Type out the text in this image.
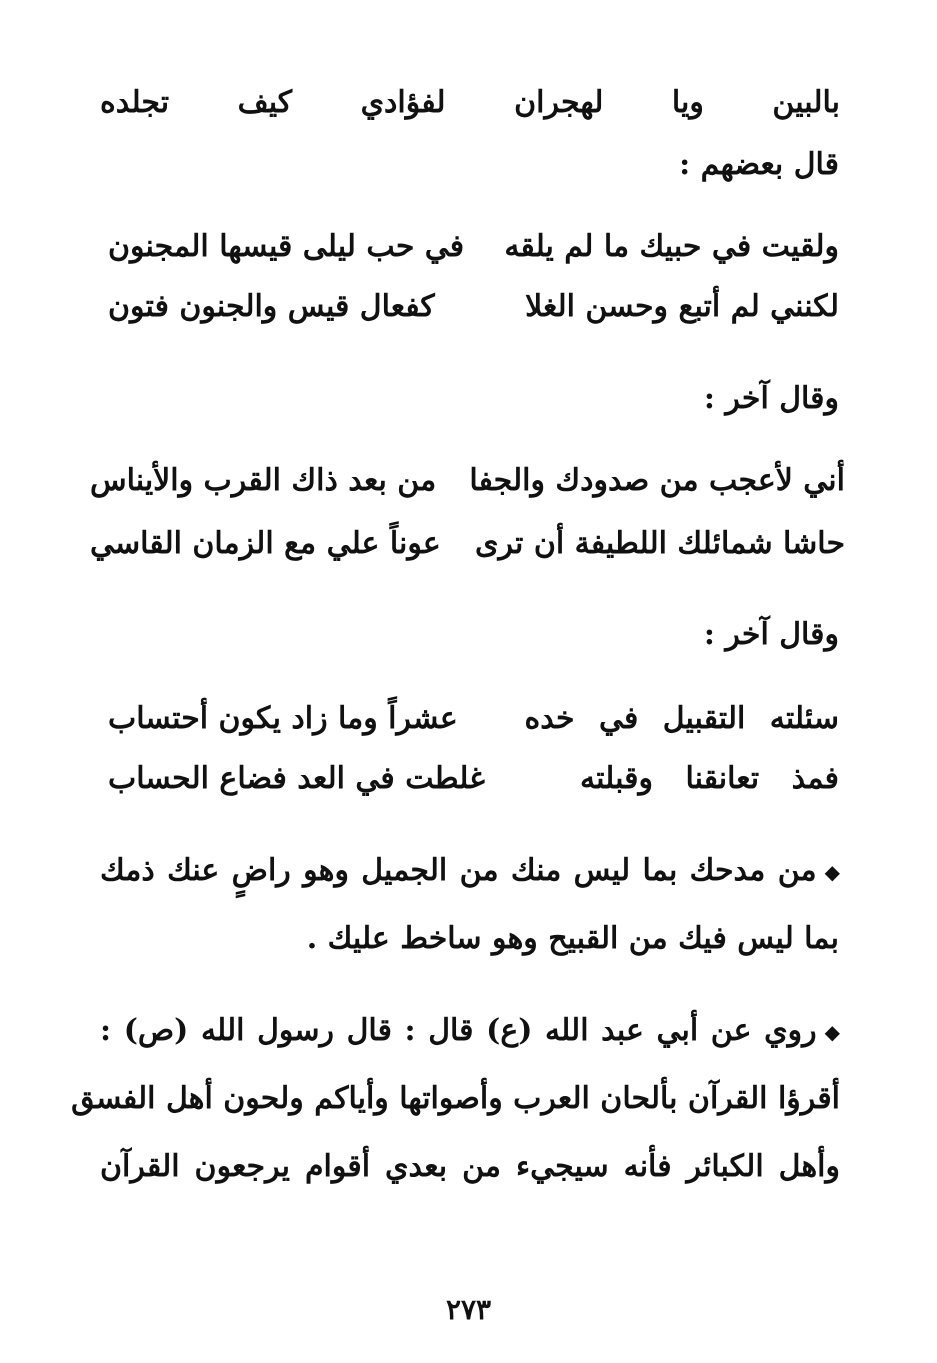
بالبين ويا لهجران لفؤادي كيف تجلده
قال بعضهم :
ولقيت في حبيك ما لم يلقه
في حب ليلى قيسها المجنون
لكنني لم أتبع وحسن الغلا
كفعال قيس والجنون فتون
وقال آخر :
أني لأعجب من صدودك والجفا
من بعد ذاك القرب والأيناس
حاشا شمائلك اللطيفة أن ترى
عوناً علي مع الزمان القاسي
وقال آخر :
سئلته التقبيل في خده
عشراً وما زاد يكون أحتساب
فمذ تعانقنا وقبلته
غلطت في العد فضاع الحساب
◆من مدحك بما ليس منك من الجميل وهو راضٍ عنك ذمك
بما ليس فيك من القبيح وهو ساخط عليك .
◆روي عن أبي عبد الله (ع) قال : قال رسول الله (ص) :
أقرؤا القرآن بألحان العرب وأصواتها وأياكم ولحون أهل الفسق
وأهل الكبائر فأنه سيجيء من بعدي أقوام يرجعون القرآن
٢٧٣
